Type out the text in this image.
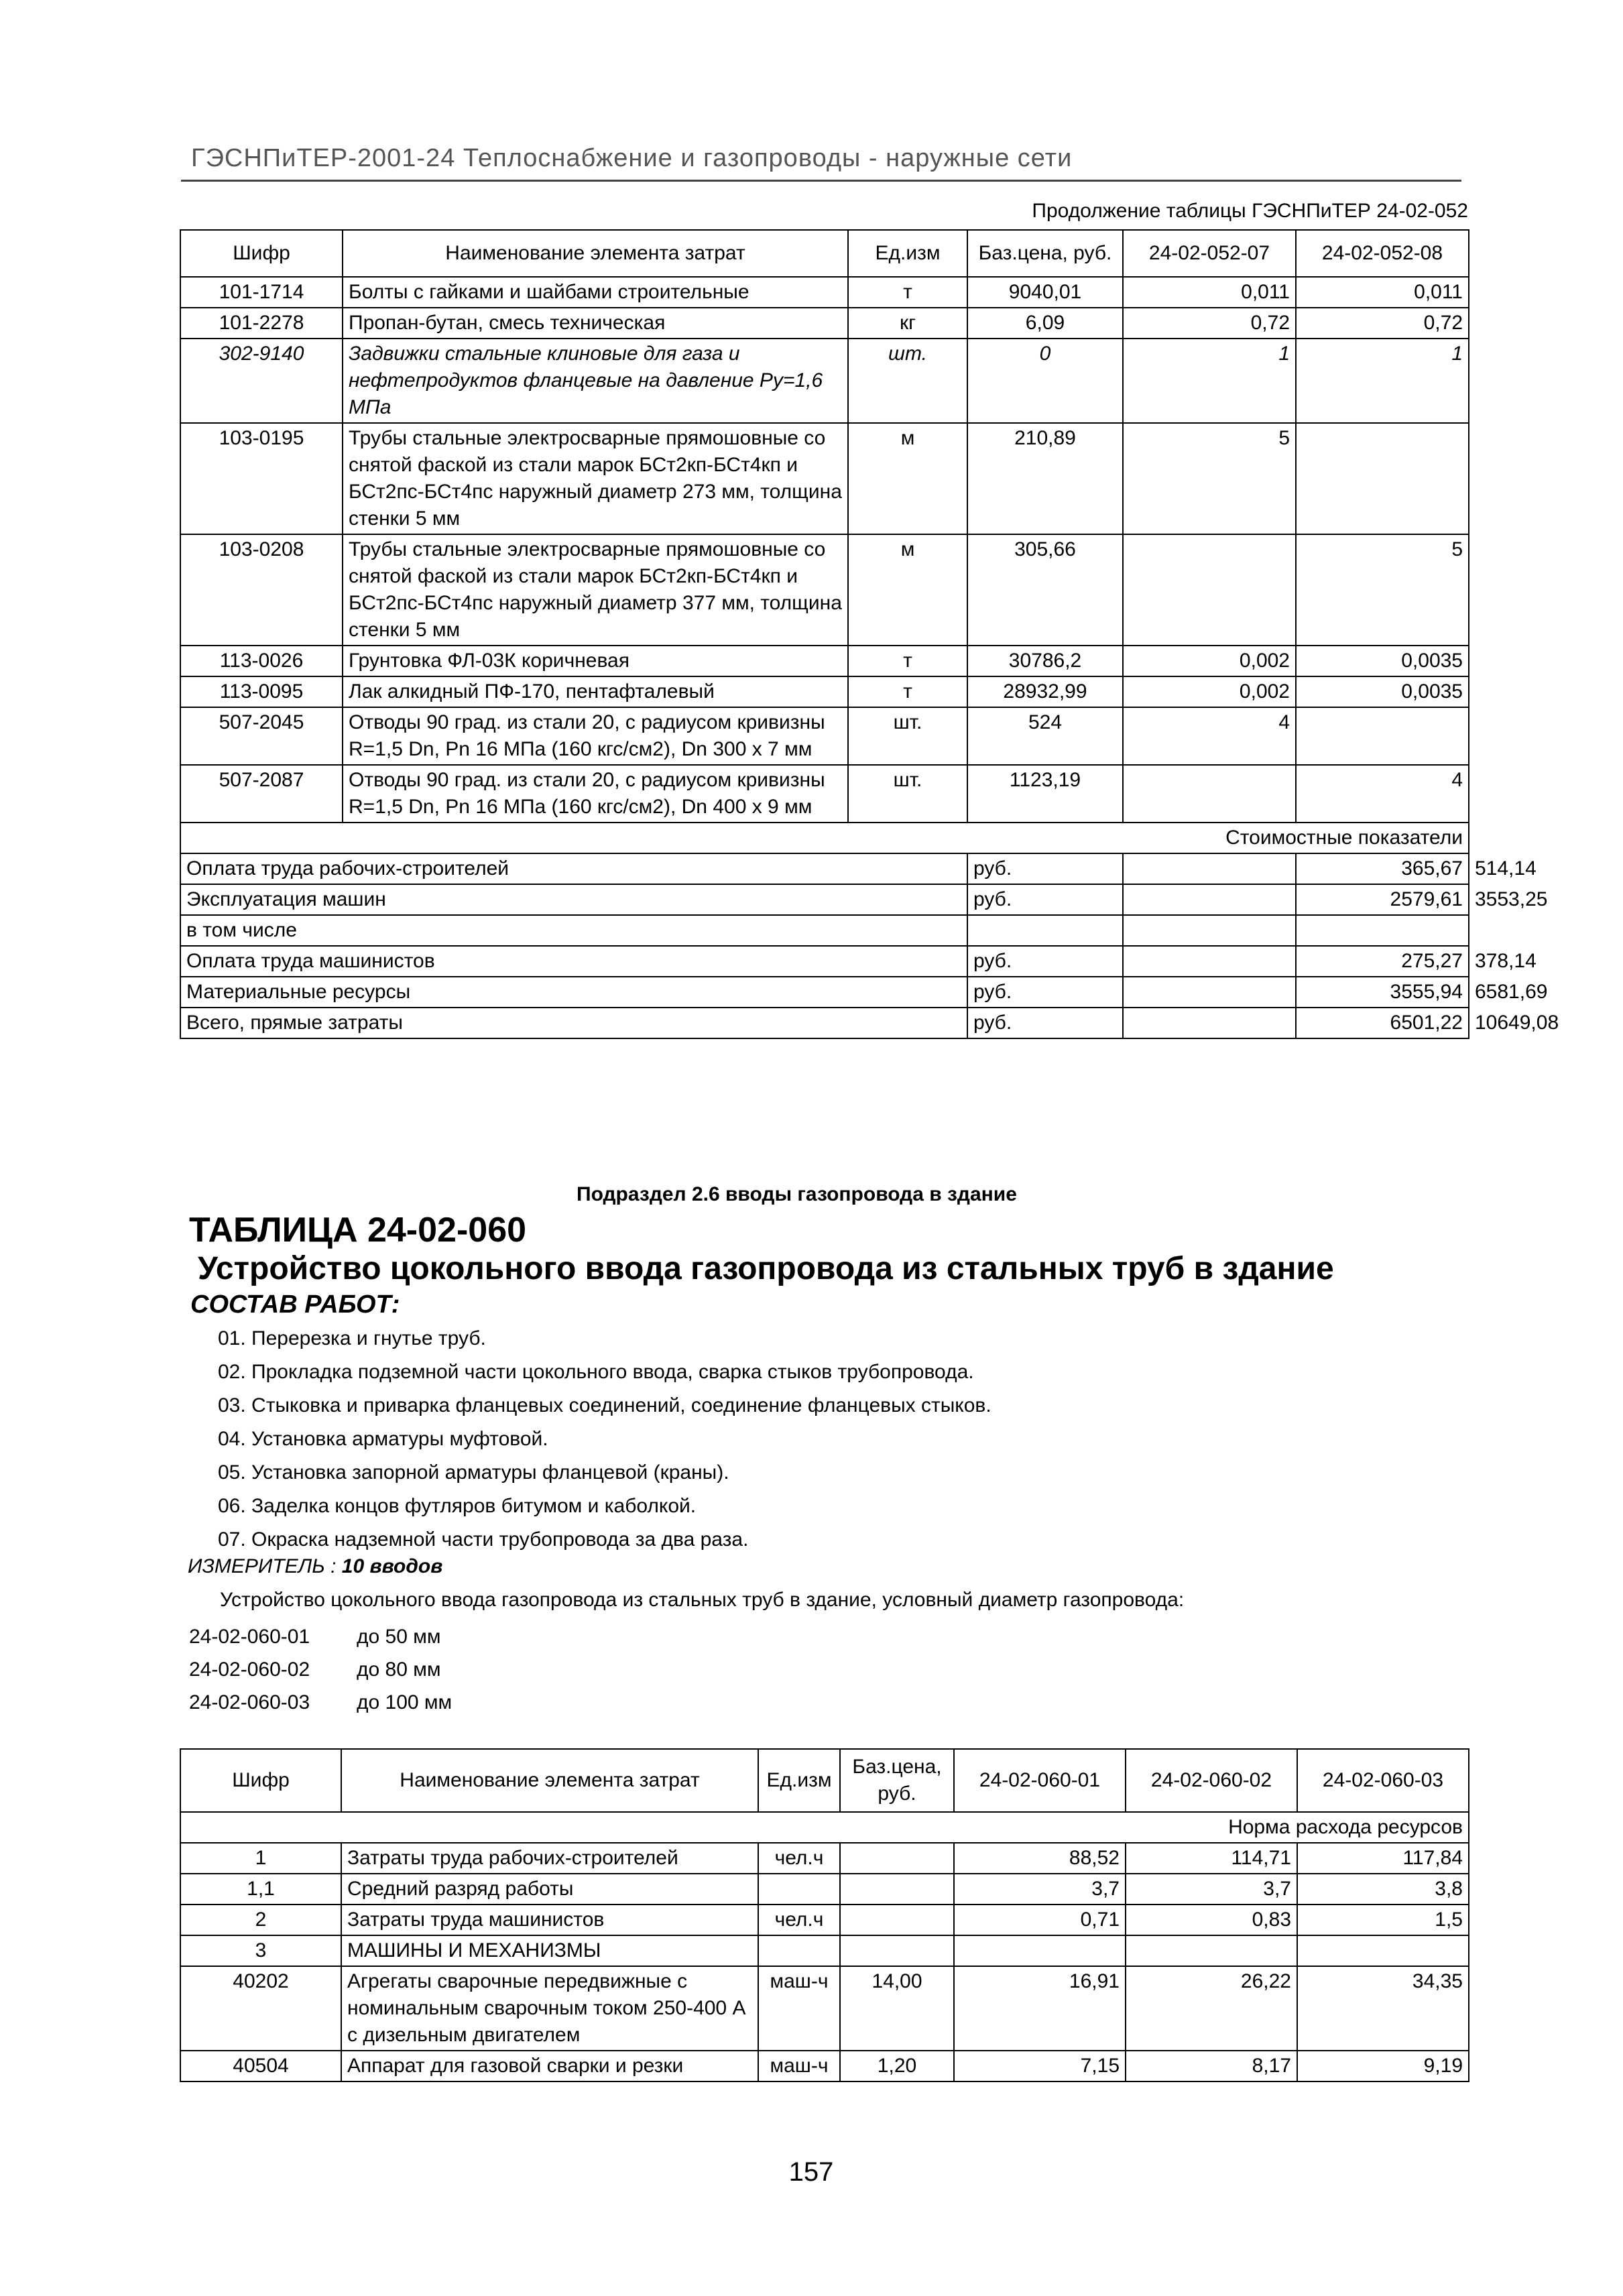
ГЭСНПиТЕР-2001-24 Теплоснабжение и газопроводы - наружные сети
Продолжение таблицы ГЭСНПиТЕР 24-02-052
Шифр	Наименование элемента затрат	Ед.изм	Баз.цена, руб.	24-02-052-07	24-02-052-08	
101-1714	Болты с гайками и шайбами строительные	т	9040,01	0,011	0,011	
101-2278	Пропан-бутан, смесь техническая	кг	6,09	0,72	0,72	
302-9140	Задвижки стальные клиновые для газа и нефтепродуктов фланцевые на давление Ру=1,6 МПа	шт.	0	1	1	
103-0195	Трубы стальные электросварные прямошовные со снятой фаской из стали марок БСт2кп-БСт4кп и БСт2пс-БСт4пс наружный диаметр 273 мм, толщина стенки 5 мм	м	210,89	5		
103-0208	Трубы стальные электросварные прямошовные со снятой фаской из стали марок БСт2кп-БСт4кп и БСт2пс-БСт4пс наружный диаметр 377 мм, толщина стенки 5 мм	м	305,66		5	
113-0026	Грунтовка ФЛ-03К коричневая	т	30786,2	0,002	0,0035	
113-0095	Лак алкидный ПФ-170, пентафталевый	т	28932,99	0,002	0,0035	
507-2045	Отводы 90 град. из стали 20, с радиусом кривизны R=1,5 Dn, Pn 16 МПа (160 кгс/см2), Dn 300 х 7 мм	шт.	524	4		
507-2087	Отводы 90 град. из стали 20, с радиусом кривизны R=1,5 Dn, Pn 16 МПа (160 кгс/см2), Dn 400 х 9 мм	шт.	1123,19		4	
Стоимостные показатели						
Оплата труда рабочих-строителей			руб.		365,67	514,14
Эксплуатация машин			руб.		2579,61	3553,25
в том числе						
Оплата труда машинистов			руб.		275,27	378,14
Материальные ресурсы			руб.		3555,94	6581,69
Всего, прямые затраты			руб.		6501,22	10649,08
Подраздел 2.6 вводы газопровода в здание
ТАБЛИЦА 24-02-060
Устройство цокольного ввода газопровода из стальных труб в здание
СОСТАВ РАБОТ:
01. Перерезка и гнутье труб.
02. Прокладка подземной части цокольного ввода, сварка стыков трубопровода.
03. Стыковка и приварка фланцевых соединений, соединение фланцевых стыков.
04. Установка арматуры муфтовой.
05. Установка запорной арматуры фланцевой (краны).
06. Заделка концов футляров битумом и каболкой.
07. Окраска надземной части трубопровода за два раза.
ИЗМЕРИТЕЛЬ : 10 вводов
Устройство цокольного ввода газопровода из стальных труб в здание, условный диаметр газопровода:
24-02-060-01 до 50 мм
24-02-060-02 до 80 мм
24-02-060-03 до 100 мм
Шифр	Наименование элемента затрат	Ед.изм	Баз.цена, руб.	24-02-060-01	24-02-060-02	24-02-060-03
Норма расхода ресурсов						
1	Затраты труда рабочих-строителей	чел.ч		88,52	114,71	117,84
1,1	Средний разряд работы			3,7	3,7	3,8
2	Затраты труда машинистов	чел.ч		0,71	0,83	1,5
3	МАШИНЫ И МЕХАНИЗМЫ					
40202	Агрегаты сварочные передвижные с номинальным сварочным током 250-400 А с дизельным двигателем	маш-ч	14,00	16,91	26,22	34,35
40504	Аппарат для газовой сварки и резки	маш-ч	1,20	7,15	8,17	9,19
157
